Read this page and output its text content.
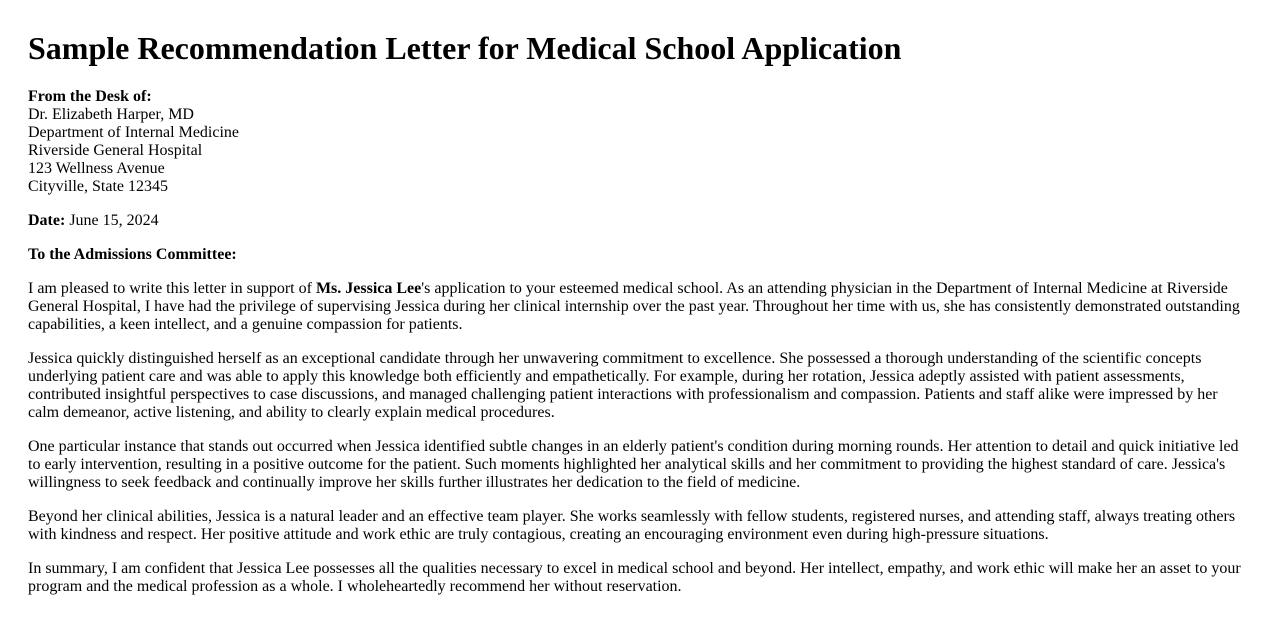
Sample Recommendation Letter for Medical School Application

From the Desk of:
Dr. Elizabeth Harper, MD
Department of Internal Medicine
Riverside General Hospital
123 Wellness Avenue
Cityville, State 12345

Date: June 15, 2024

To the Admissions Committee:

I am pleased to write this letter in support of Ms. Jessica Lee's application to your esteemed medical school. As an attending physician in the Department of Internal Medicine at Riverside General Hospital, I have had the privilege of supervising Jessica during her clinical internship over the past year. Throughout her time with us, she has consistently demonstrated outstanding capabilities, a keen intellect, and a genuine compassion for patients.

Jessica quickly distinguished herself as an exceptional candidate through her unwavering commitment to excellence. She possessed a thorough understanding of the scientific concepts underlying patient care and was able to apply this knowledge both efficiently and empathetically. For example, during her rotation, Jessica adeptly assisted with patient assessments, contributed insightful perspectives to case discussions, and managed challenging patient interactions with professionalism and compassion. Patients and staff alike were impressed by her calm demeanor, active listening, and ability to clearly explain medical procedures.

One particular instance that stands out occurred when Jessica identified subtle changes in an elderly patient's condition during morning rounds. Her attention to detail and quick initiative led to early intervention, resulting in a positive outcome for the patient. Such moments highlighted her analytical skills and her commitment to providing the highest standard of care. Jessica's willingness to seek feedback and continually improve her skills further illustrates her dedication to the field of medicine.

Beyond her clinical abilities, Jessica is a natural leader and an effective team player. She works seamlessly with fellow students, registered nurses, and attending staff, always treating others with kindness and respect. Her positive attitude and work ethic are truly contagious, creating an encouraging environment even during high-pressure situations.

In summary, I am confident that Jessica Lee possesses all the qualities necessary to excel in medical school and beyond. Her intellect, empathy, and work ethic will make her an asset to your program and the medical profession as a whole. I wholeheartedly recommend her without reservation.
